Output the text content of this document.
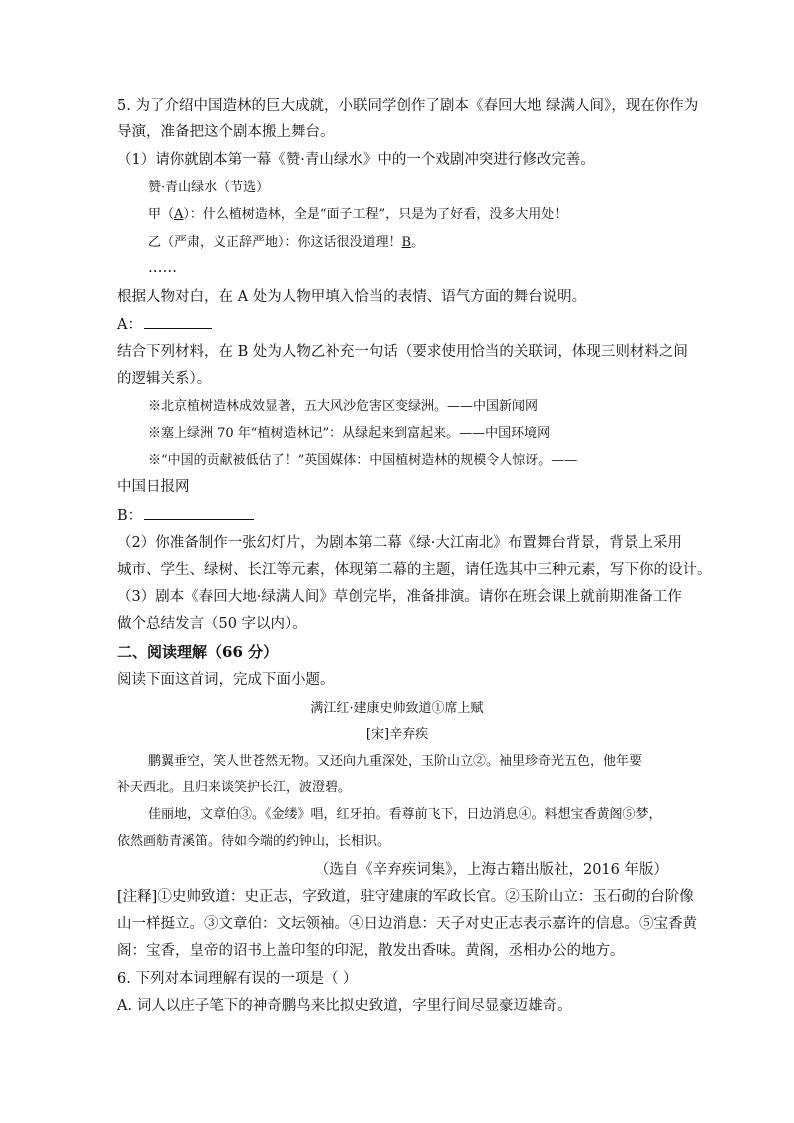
5. 为了介绍中国造林的巨大成就，小联同学创作了剧本《春回大地 绿满人间》，现在你作为
导演，准备把这个剧本搬上舞台。
（1）请你就剧本第一幕《赞·青山绿水》中的一个戏剧冲突进行修改完善。
赞·青山绿水（节选）
甲（A）：什么植树造林，全是“面子工程”，只是为了好看，没多大用处！
乙（严肃，义正辞严地）：你这话很没道理！B。
……
根据人物对白，在 A 处为人物甲填入恰当的表情、语气方面的舞台说明。
A：
结合下列材料，在 B 处为人物乙补充一句话（要求使用恰当的关联词，体现三则材料之间
的逻辑关系）。
※北京植树造林成效显著，五大风沙危害区变绿洲。——中国新闻网
※塞上绿洲 70 年“植树造林记”：从绿起来到富起来。——中国环境网
※“中国的贡献被低估了！”英国媒体：中国植树造林的规模令人惊讶。——
中国日报网
B：
（2）你准备制作一张幻灯片，为剧本第二幕《绿·大江南北》布置舞台背景，背景上采用
城市、学生、绿树、长江等元素，体现第二幕的主题，请任选其中三种元素，写下你的设计。
（3）剧本《春回大地·绿满人间》草创完毕，准备排演。请你在班会课上就前期准备工作
做个总结发言（50 字以内）。
二、阅读理解（66 分）
阅读下面这首词，完成下面小题。
满江红·建康史帅致道①席上赋
[宋]辛弃疾
鹏翼垂空，笑人世苍然无物。又还向九重深处，玉阶山立②。袖里珍奇光五色，他年要
补天西北。且归来谈笑护长江，波澄碧。
佳丽地，文章伯③。《金缕》唱，红牙拍。看尊前飞下，日边消息④。料想宝香黄阁⑤梦，
依然画舫青溪笛。待如今端的约钟山，长相识。
（选自《辛弃疾词集》，上海古籍出版社，2016 年版）
[注释]①史帅致道：史正志，字致道，驻守建康的军政长官。②玉阶山立：玉石砌的台阶像
山一样挺立。③文章伯：文坛领袖。④日边消息：天子对史正志表示嘉许的信息。⑤宝香黄
阁：宝香，皇帝的诏书上盖印玺的印泥，散发出香味。黄阁，丞相办公的地方。
6. 下列对本词理解有误的一项是（ ）
A. 词人以庄子笔下的神奇鹏鸟来比拟史致道，字里行间尽显豪迈雄奇。
